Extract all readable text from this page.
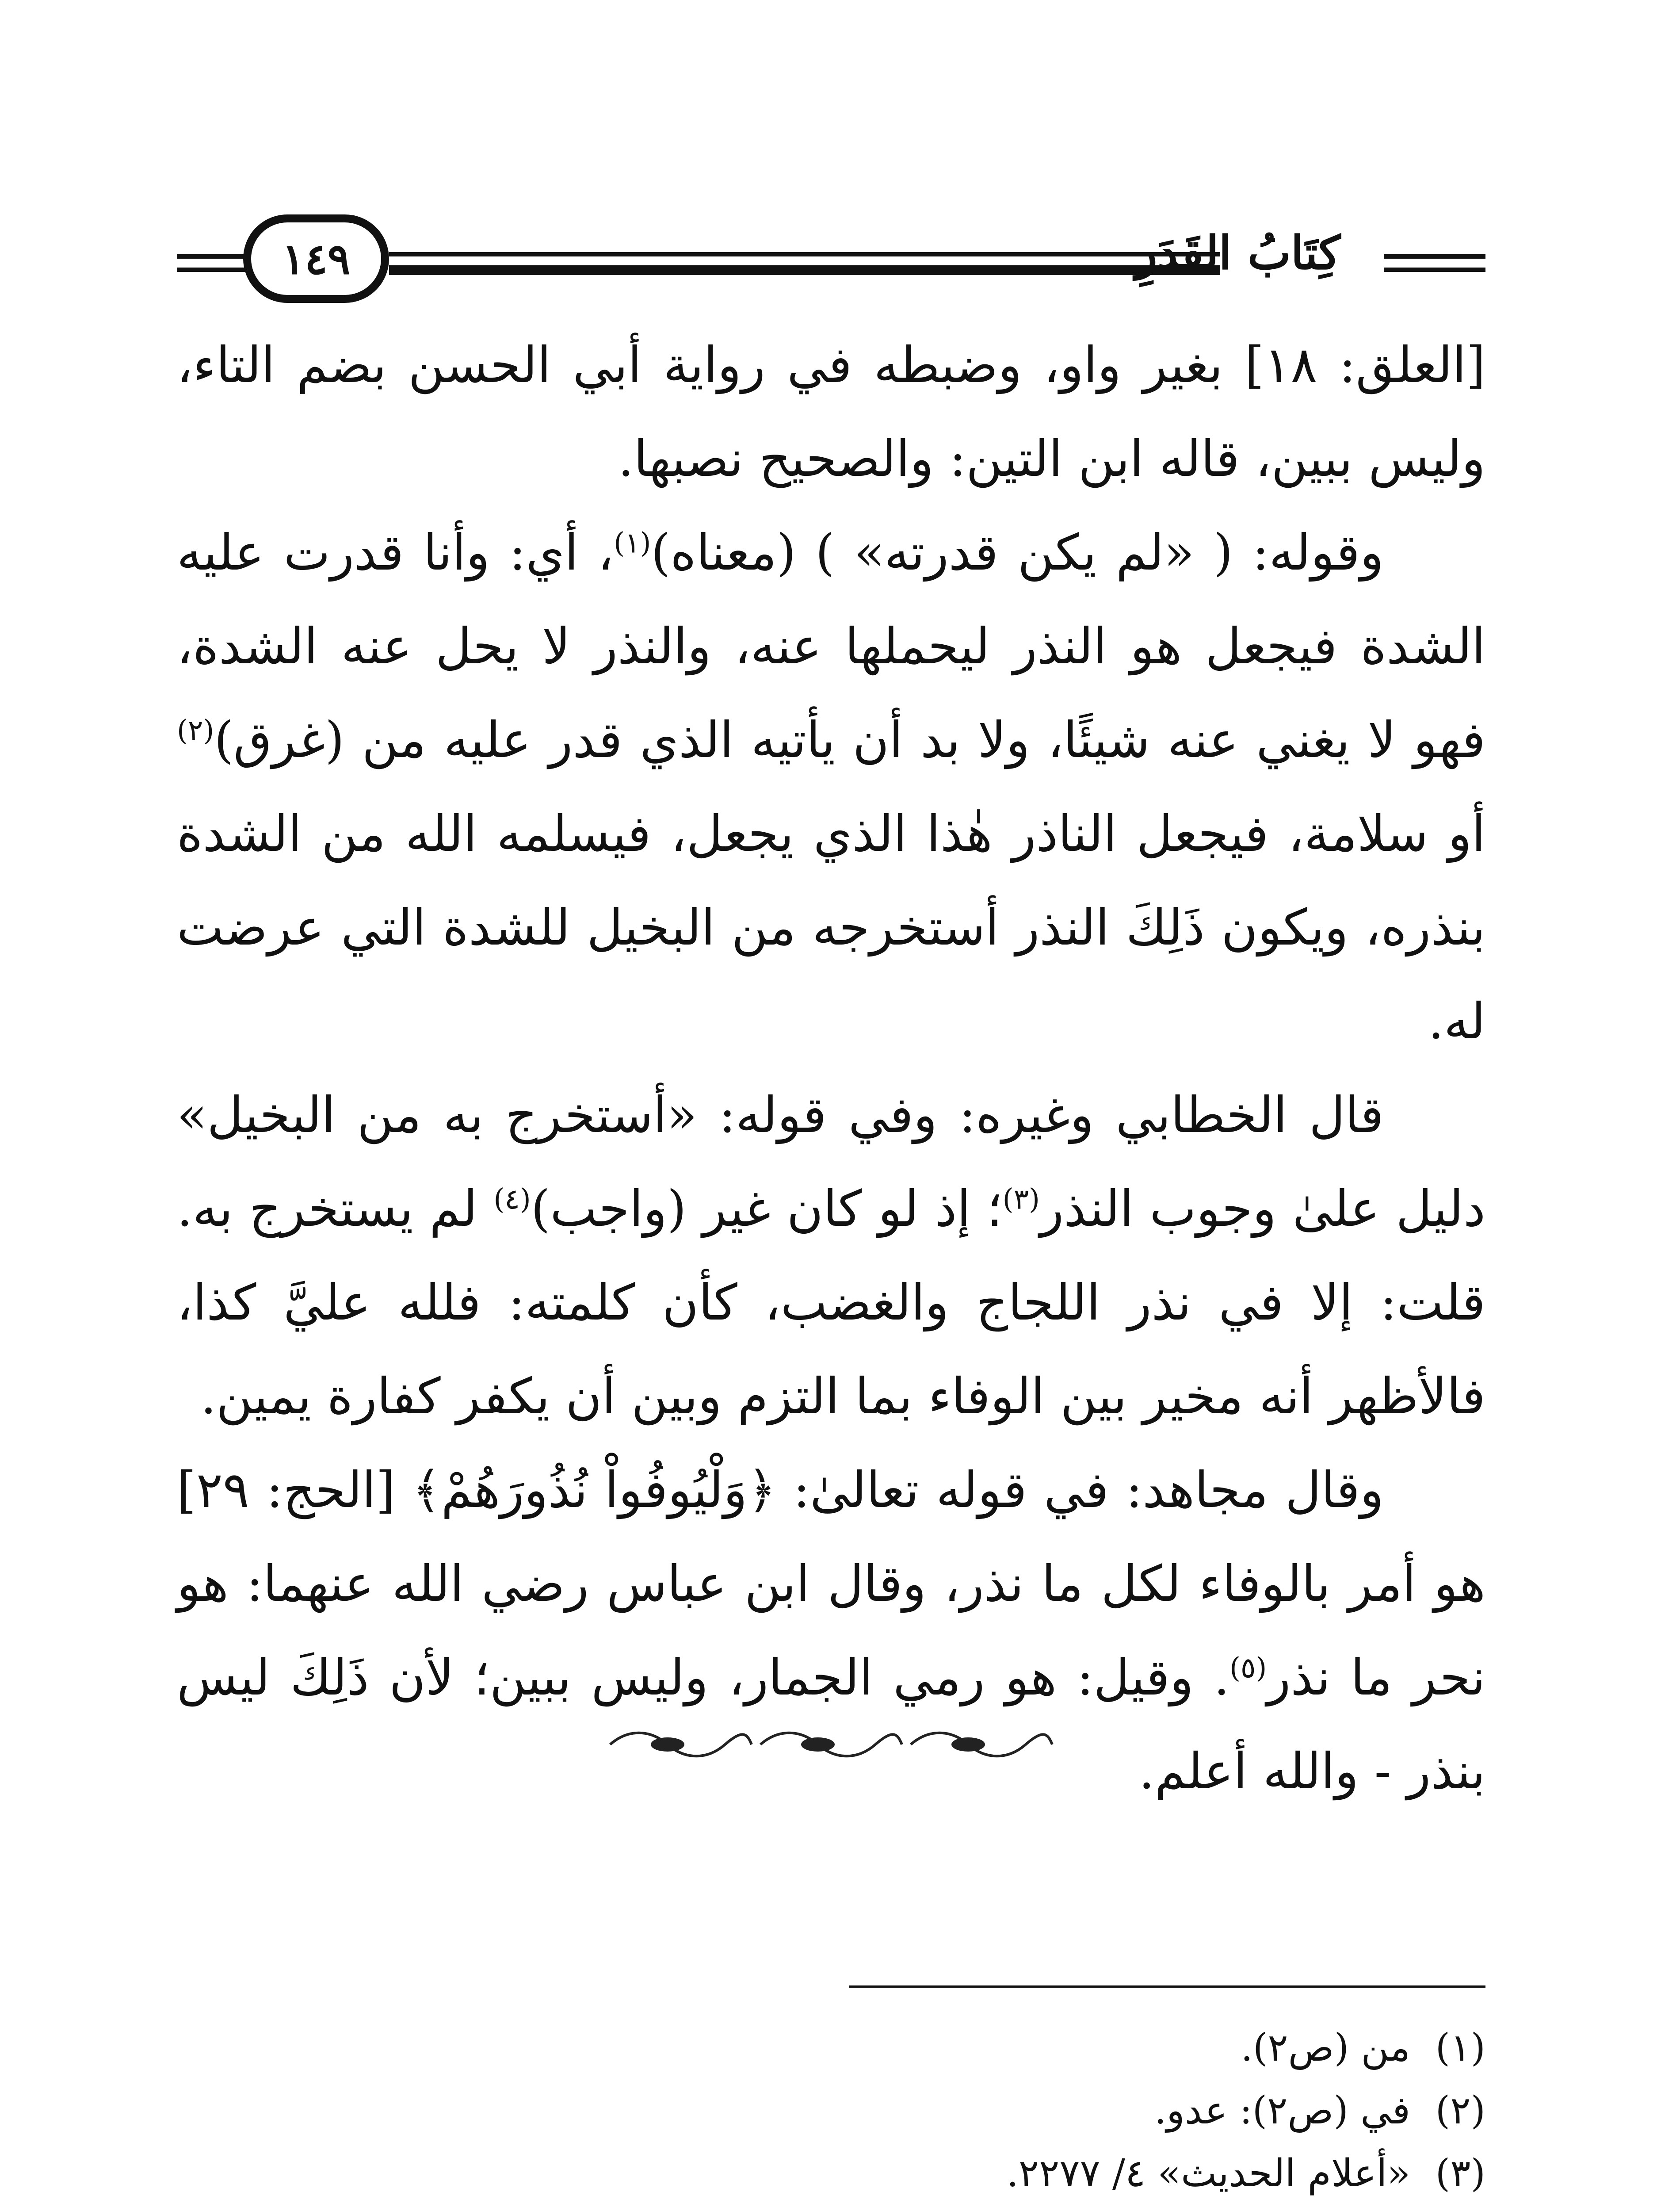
١٤٩	كِتَابُ القَدَرِ

[العلق: ١٨] بغير واو، وضبطه في رواية أبي الحسن بضم التاء، وليس ببين، قاله ابن التين: والصحيح نصبها.

وقوله: ( «لم يكن قدرته» ) (معناه)$^{(١)}$، أي: وأنا قدرت عليه الشدة فيجعل هو النذر ليحملها عنه، والنذر لا يحل عنه الشدة، فهو لا يغني عنه شيئًا، ولا بد أن يأتيه الذي قدر عليه من (غرق)$^{(٢)}$ أو سلامة، فيجعل الناذر هٰذا الذي يجعل، فيسلمه الله من الشدة بنذره، ويكون ذَلِكَ النذر أستخرجه من البخيل للشدة التي عرضت له.

قال الخطابي وغيره: وفي قوله: «أستخرج به من البخيل» دليل علىٰ وجوب النذر$^{(٣)}$؛ إذ لو كان غير (واجب)$^{(٤)}$ لم يستخرج به. قلت: إلا في نذر اللجاج والغضب، كأن كلمته: فلله عليَّ كذا، فالأظهر أنه مخير بين الوفاء بما التزم وبين أن يكفر كفارة يمين.

وقال مجاهد: في قوله تعالىٰ: ﴿وَلْيُوفُواْ نُذُورَهُمْ﴾ [الحج: ٢٩] هو أمر بالوفاء لكل ما نذر، وقال ابن عباس رضي الله عنهما: هو نحر ما نذر$^{(٥)}$. وقيل: هو رمي الجمار، وليس ببين؛ لأن ذَلِكَ ليس بنذر - والله أعلم.

(١)
من (ص٢).
(٢)
في (ص٢): عدو.
(٣)
«أعلام الحديث» ٤/ ٢٢٧٧.
